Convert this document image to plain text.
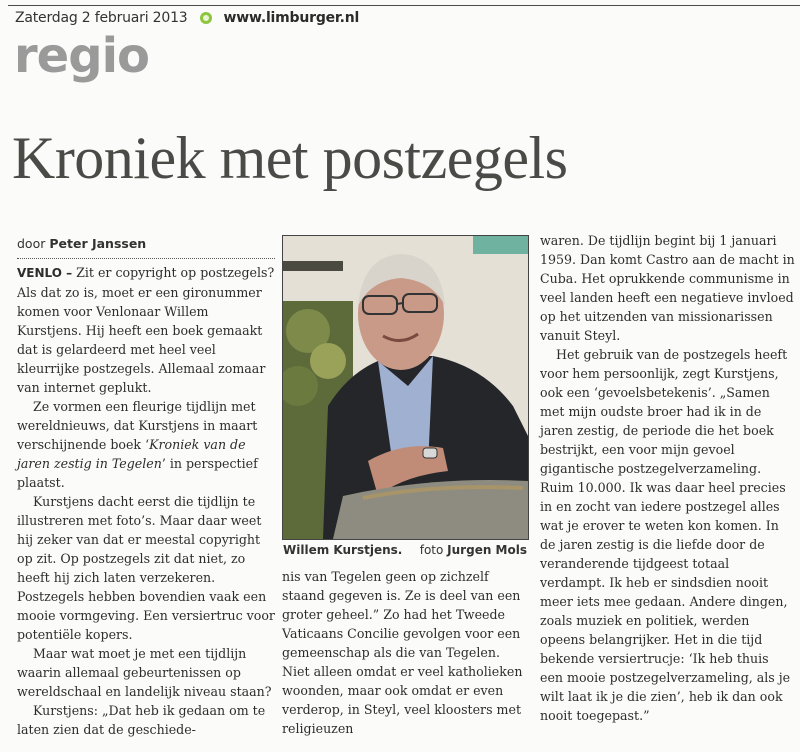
Zaterdag 2 februari 2013	www.limburger.nl
regio
Kroniek met postzegels
door Peter Janssen

VENLO – Zit er copyright op postzegels? Als dat zo is, moet er een gironummer komen voor Venlonaar Willem Kurstjens. Hij heeft een boek gemaakt dat is gelardeerd met heel veel kleurrijke postzegels. Allemaal zomaar van internet geplukt.

Ze vormen een fleurige tijdlijn met wereldnieuws, dat Kurstjens in maart verschijnende boek ‘Kroniek van de jaren zestig in Tegelen’ in perspectief plaatst.

Kurstjens dacht eerst die tijdlijn te illustreren met foto’s. Maar daar weet hij zeker van dat er meestal copyright op zit. Op postzegels zit dat niet, zo heeft hij zich laten verzekeren. Postzegels hebben bovendien vaak een mooie vormgeving. Een versiertruc voor potentiële kopers.

Maar wat moet je met een tijdlijn waarin allemaal gebeurtenissen op wereldschaal en landelijk niveau staan?

Kurstjens: „Dat heb ik gedaan om te laten zien dat de geschiede-

Willem Kurstjens. foto Jurgen Mols

nis van Tegelen geen op zichzelf staand gegeven is. Ze is deel van een groter geheel.” Zo had het Tweede Vaticaans Concilie gevolgen voor een gemeenschap als die van Tegelen. Niet alleen omdat er veel katholieken woonden, maar ook omdat er even verderop, in Steyl, veel kloosters met religieuzen

waren. De tijdlijn begint bij 1 januari 1959. Dan komt Castro aan de macht in Cuba. Het oprukkende communisme in veel landen heeft een negatieve invloed op het uitzenden van missionarissen vanuit Steyl.

Het gebruik van de postzegels heeft voor hem persoonlijk, zegt Kurstjens, ook een ‘gevoelsbetekenis’. „Samen met mijn oudste broer had ik in de jaren zestig, de periode die het boek bestrijkt, een voor mijn gevoel gigantische postzegelverzameling. Ruim 10.000. Ik was daar heel precies in en zocht van iedere postzegel alles wat je erover te weten kon komen. In de jaren zestig is die liefde door de veranderende tijdgeest totaal verdampt. Ik heb er sindsdien nooit meer iets mee gedaan. Andere dingen, zoals muziek en politiek, werden opeens belangrijker. Het in die tijd bekende versiertrucje: ‘Ik heb thuis een mooie postzegelverzameling, als je wilt laat ik je die zien’, heb ik dan ook nooit toegepast.”
